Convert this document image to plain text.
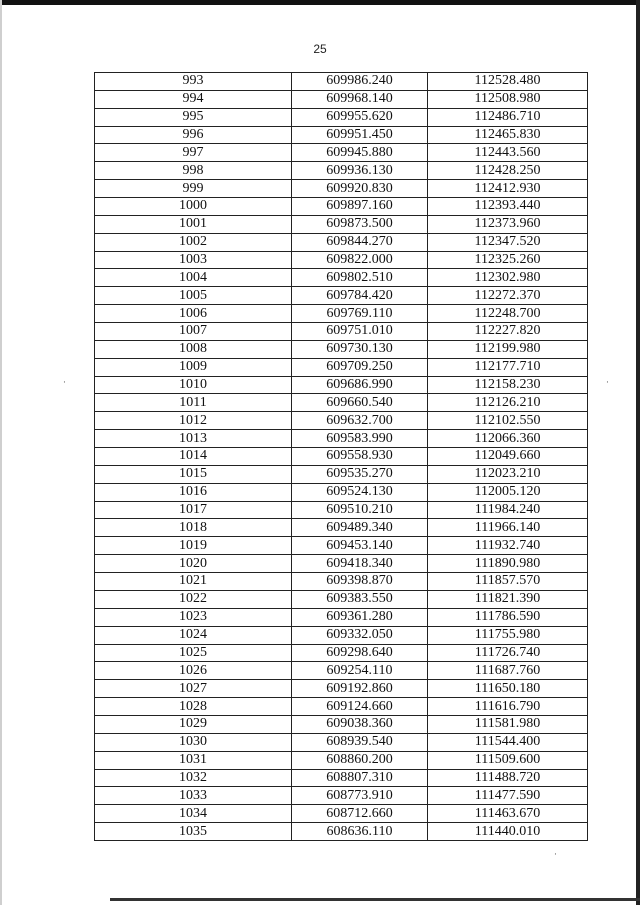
25
993	609986.240	112528.480
994	609968.140	112508.980
995	609955.620	112486.710
996	609951.450	112465.830
997	609945.880	112443.560
998	609936.130	112428.250
999	609920.830	112412.930
1000	609897.160	112393.440
1001	609873.500	112373.960
1002	609844.270	112347.520
1003	609822.000	112325.260
1004	609802.510	112302.980
1005	609784.420	112272.370
1006	609769.110	112248.700
1007	609751.010	112227.820
1008	609730.130	112199.980
1009	609709.250	112177.710
1010	609686.990	112158.230
1011	609660.540	112126.210
1012	609632.700	112102.550
1013	609583.990	112066.360
1014	609558.930	112049.660
1015	609535.270	112023.210
1016	609524.130	112005.120
1017	609510.210	111984.240
1018	609489.340	111966.140
1019	609453.140	111932.740
1020	609418.340	111890.980
1021	609398.870	111857.570
1022	609383.550	111821.390
1023	609361.280	111786.590
1024	609332.050	111755.980
1025	609298.640	111726.740
1026	609254.110	111687.760
1027	609192.860	111650.180
1028	609124.660	111616.790
1029	609038.360	111581.980
1030	608939.540	111544.400
1031	608860.200	111509.600
1032	608807.310	111488.720
1033	608773.910	111477.590
1034	608712.660	111463.670
1035	608636.110	111440.010
·	·
·
